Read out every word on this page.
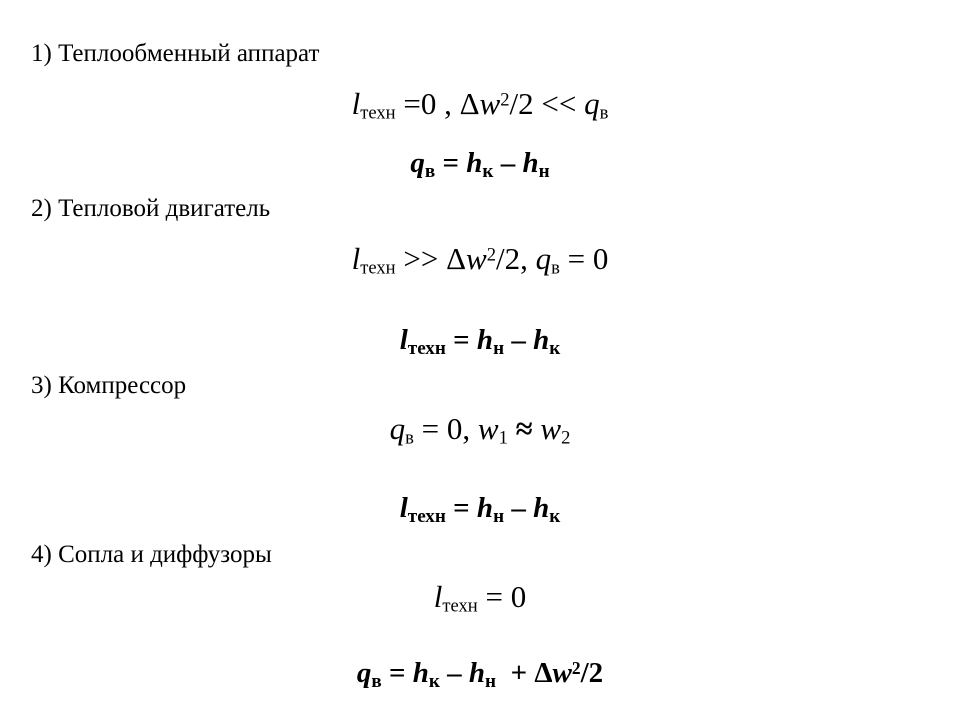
1) Теплообменный аппарат
$l_{техн} =0$ , $\Delta w^2/2 << q_в$
$q_в = h_к - h_н$
2) Тепловой двигатель
$l_{техн} >> \Delta w^2/2$, $q_в = 0$
$l_{техн} = h_н - h_к$
3) Компрессор
$q_в = 0$, $w_1 \approx w_2$
$l_{техн} = h_н - h_к$
4) Сопла и диффузоры
$l_{техн} = 0$
$q_в = h_к - h_н + \Delta w^2/2$
